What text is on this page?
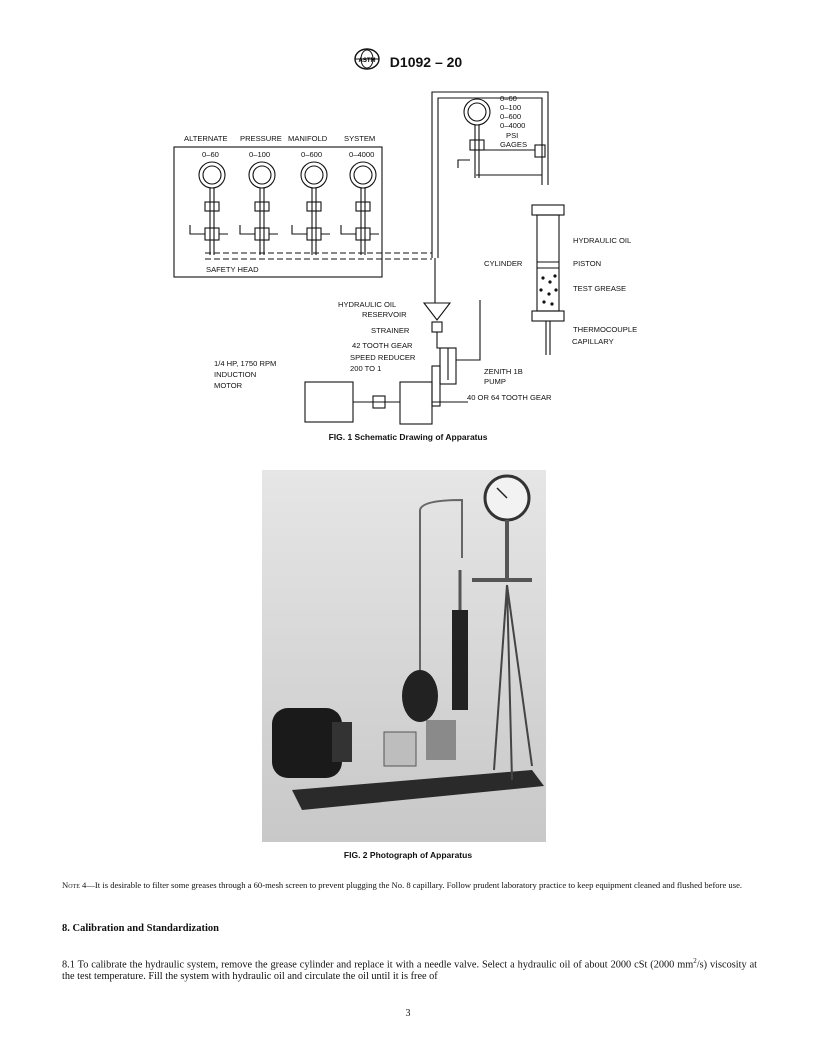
ASTM D1092 – 20
ALTERNATE PRESSURE MANIFOLD SYSTEM
0–60	0–100	0–600	0–4000
0–60
0–100
0–600
0–4000
PSI
GAGES
SAFETY HEAD
HYDRAULIC OIL
CYLINDER	PISTON
TEST GREASE
HYDRAULIC OIL
RESERVOIR
STRAINER
42 TOOTH GEAR
SPEED REDUCER
200 TO 1
1/4 HP, 1750 RPM
INDUCTION
MOTOR
THERMOCOUPLE
CAPILLARY
ZENITH 1B
PUMP
40 OR 64 TOOTH GEAR
FIG. 1 Schematic Drawing of Apparatus
FIG. 2 Photograph of Apparatus
Note 4—It is desirable to filter some greases through a 60-mesh screen to prevent plugging the No. 8 capillary. Follow prudent laboratory practice to keep equipment cleaned and flushed before use.
8. Calibration and Standardization
8.1 To calibrate the hydraulic system, remove the grease cylinder and replace it with a needle valve. Select a hydraulic oil of about 2000 cSt (2000 $mm^2/s$) viscosity at the test temperature. Fill the system with hydraulic oil and circulate the oil until it is free of
3
